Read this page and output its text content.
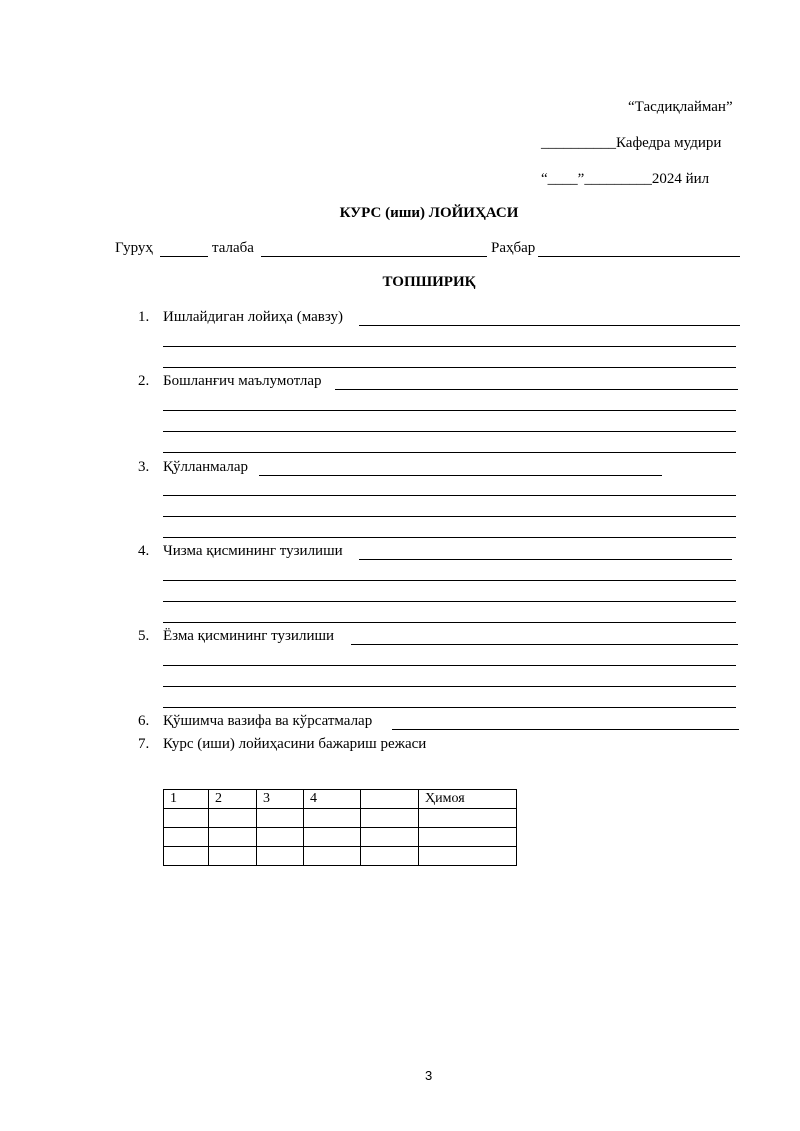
“Тасдиқлайман”
__________Кафедра мудири
“____”_________2024 йил
КУРС (иши) ЛОЙИҲАСИ
Гуруҳ	талаба	Раҳбар
ТОПШИРИҚ
1. Ишлайдиган лойиҳа (мавзу)
2. Бошланғич маълумотлар
3. Қўлланмалар
4. Чизма қисмининг тузилиши
5. Ёзма қисмининг тузилиши
6. Қўшимча вазифа ва кўрсатмалар
7. Курс (иши) лойиҳасини бажариш режаси
1	2	3	4		Ҳимоя

3
